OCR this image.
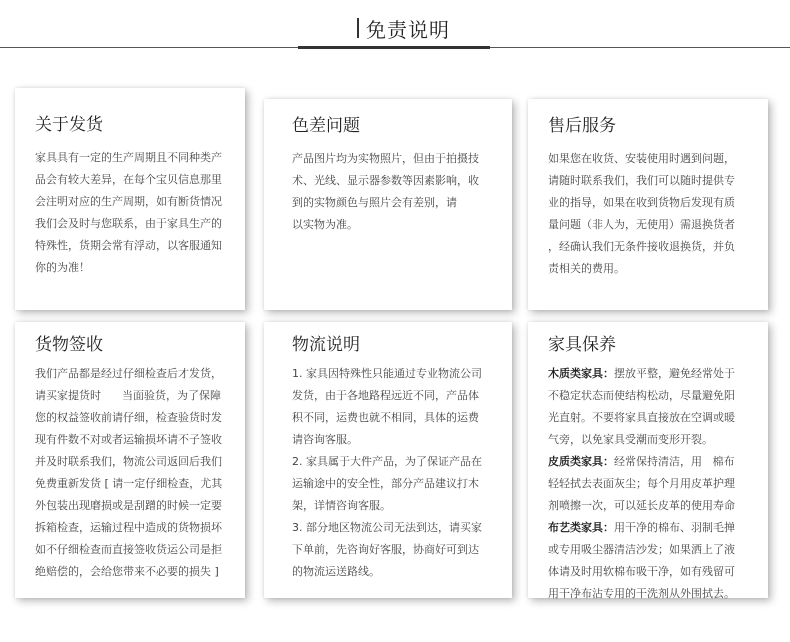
免责说明
关于发货

家具具有一定的生产周期且不同种类产

品会有较大差异，在每个宝贝信息那里

会注明对应的生产周期，如有断货情况

我们会及时与您联系，由于家具生产的

特殊性，货期会常有浮动，以客服通知

你的为准！

色差问题

产品图片均为实物照片，但由于拍摄技

术、光线、显示器参数等因素影响，收

到的实物颜色与照片会有差别，请

以实物为准。

售后服务

如果您在收货、安装使用时遇到问题，

请随时联系我们，我们可以随时提供专

业的指导，如果在收到货物后发现有质

量问题（非人为，无使用）需退换货者

，经确认我们无条件接收退换货，并负

责相关的费用。

货物签收

我们产品都是经过仔细检查后才发货，

请买家提货时      当面验货，为了保障

您的权益签收前请仔细，检查验货时发

现有件数不对或者运输损坏请不子签收

并及时联系我们，物流公司返回后我们

免费重新发货 [ 请一定仔细检查，尤其

外包装出现磨损或是刮蹭的时候一定要

拆箱检查，运输过程中造成的货物损坏

如不仔细检查而直接签收货运公司是拒

绝赔偿的，会给您带来不必要的损失 ]

物流说明

1. 家具因特殊性只能通过专业物流公司

发货，由于各地路程远近不同，产品体

积不同，运费也就不相同，具体的运费

请咨询客服。

2. 家具属于大件产品，为了保证产品在

运输途中的安全性，部分产品建议打木

架，详情咨询客服。

3. 部分地区物流公司无法到达，请买家

下单前，先咨询好客服，协商好可到达

的物流运送路线。

家具保养

木质类家具：摆放平整，避免经常处于

不稳定状态而使结构松动，尽量避免阳

光直射。不要将家具直接放在空调或暖

气旁，以免家具受潮而变形开裂。

皮质类家具：经常保持清洁，用   棉布

轻轻拭去表面灰尘；每个月用皮革护理

剂喷擦一次，可以延长皮革的使用寿命

布艺类家具：用干净的棉布、羽制毛掸

或专用吸尘器清洁沙发；如果洒上了液

体请及时用软棉布吸干净，如有残留可

用干净布沾专用的干洗剂从外围拭去。
